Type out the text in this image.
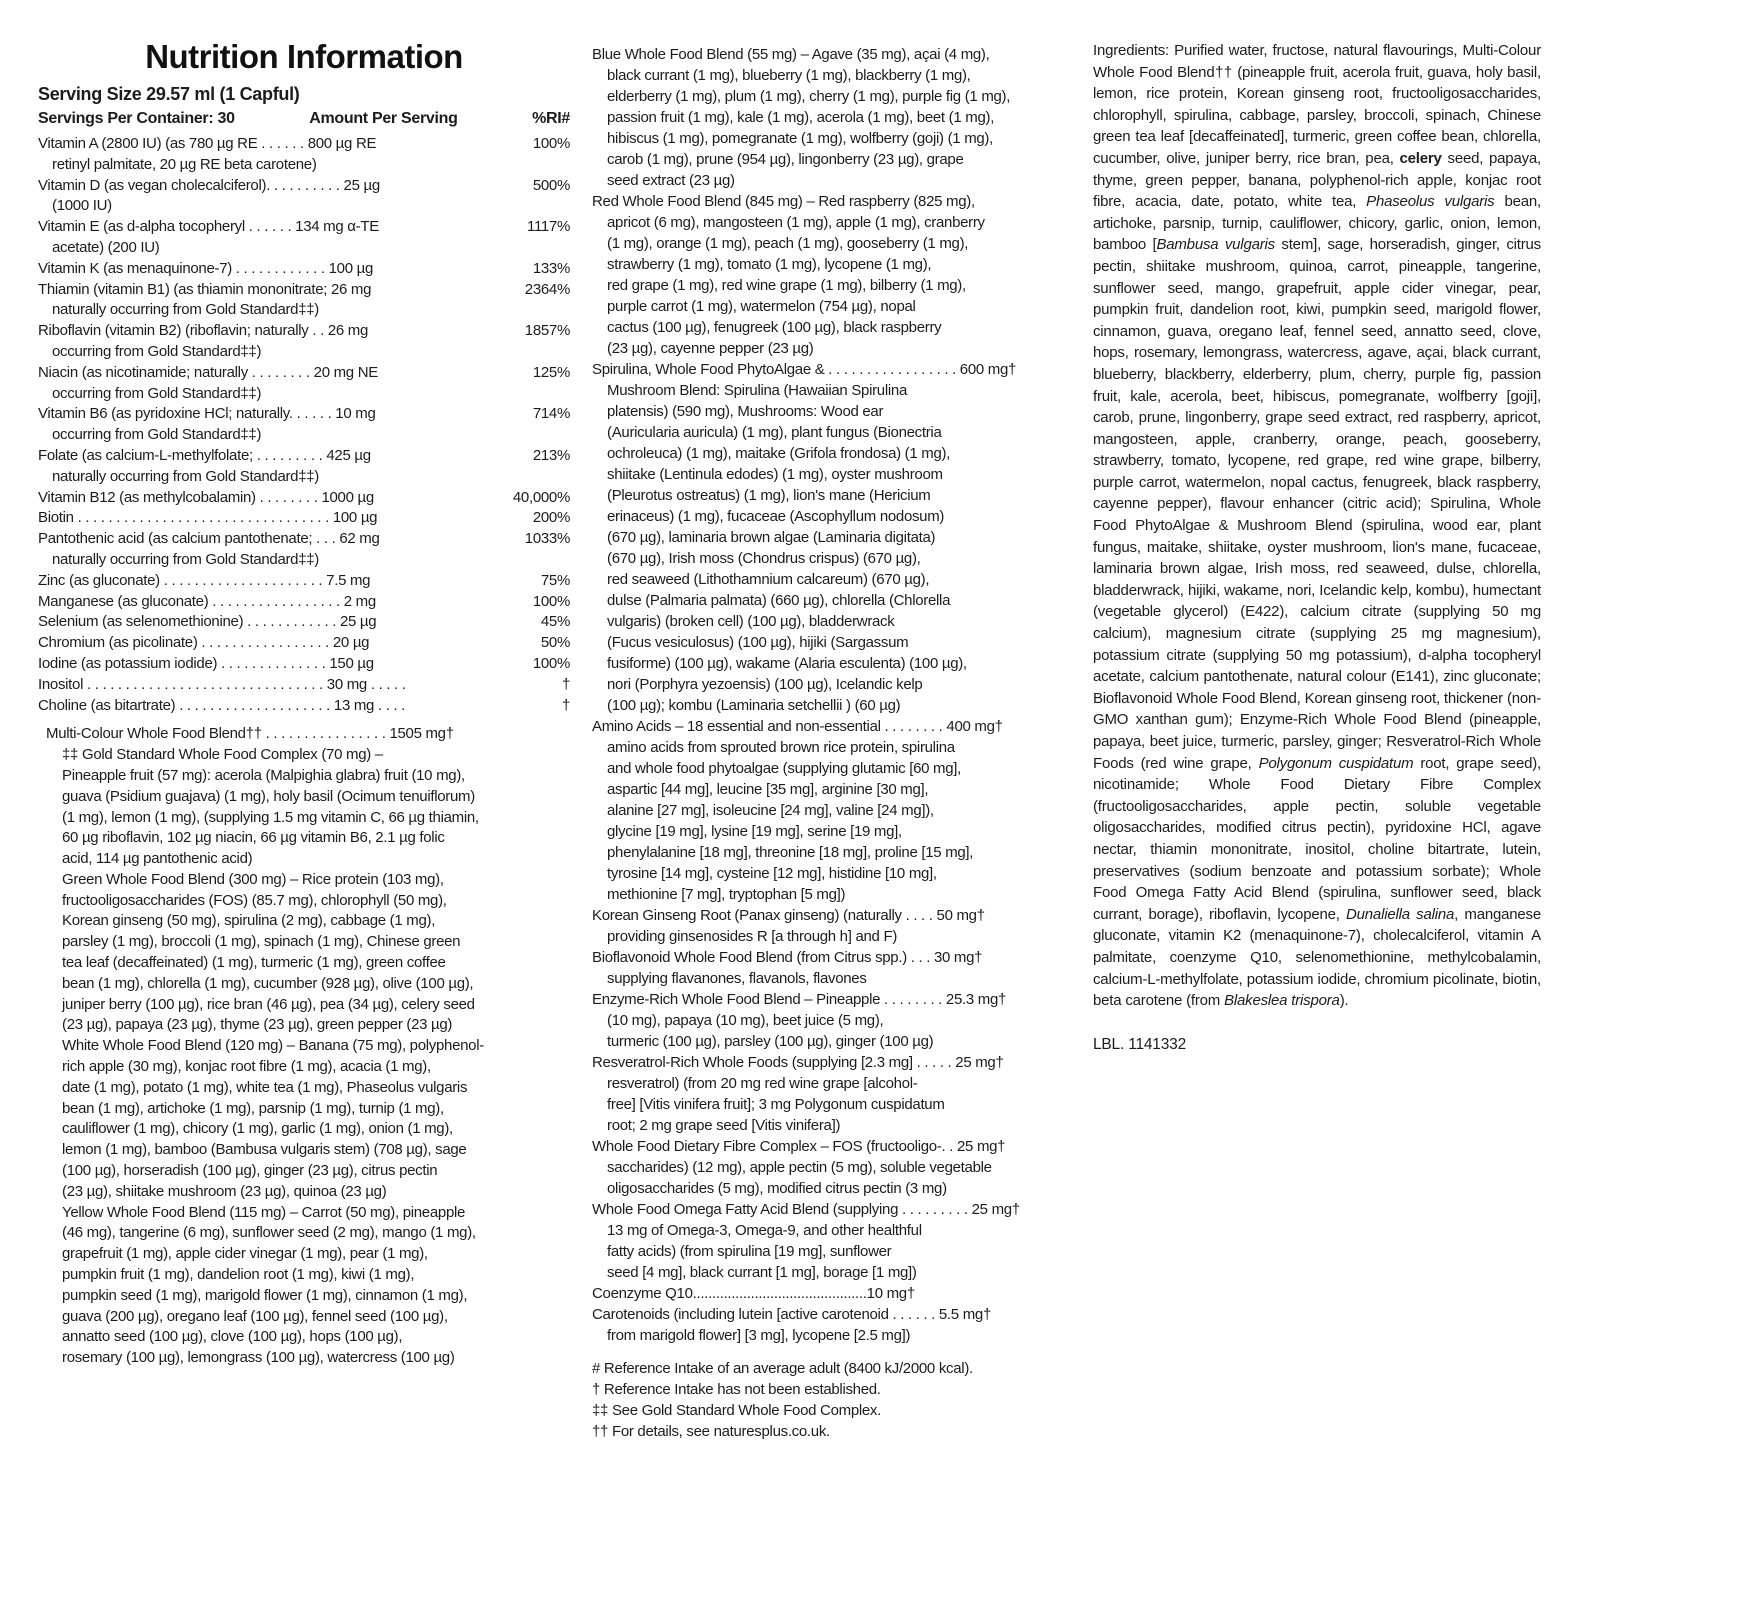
Nutrition Information
Serving Size 29.57 ml (1 Capful)
Servings Per Container: 30	Amount Per Serving	%RI#
Vitamin A (2800 IU) (as 780 µg RE . . . . . . 800 µg RE	100%
retinyl palmitate, 20 µg RE beta carotene)
Vitamin D (as vegan cholecalciferol). . . . . . . . . . 25 µg	500%
(1000 IU)
Vitamin E (as d-alpha tocopheryl . . . . . . 134 mg α-TE	1117%
acetate) (200 IU)
Vitamin K (as menaquinone-7) . . . . . . . . . . . . 100 µg	133%
Thiamin (vitamin B1) (as thiamin mononitrate; 26 mg	2364%
naturally occurring from Gold Standard‡‡)
Riboflavin (vitamin B2) (riboflavin; naturally . . 26 mg	1857%
occurring from Gold Standard‡‡)
Niacin (as nicotinamide; naturally . . . . . . . . 20 mg NE	125%
occurring from Gold Standard‡‡)
Vitamin B6 (as pyridoxine HCl; naturally. . . . . . 10 mg	714%
occurring from Gold Standard‡‡)
Folate (as calcium-L-methylfolate; . . . . . . . . . 425 µg	213%
naturally occurring from Gold Standard‡‡)
Vitamin B12 (as methylcobalamin) . . . . . . . . 1000 µg	40,000%
Biotin . . . . . . . . . . . . . . . . . . . . . . . . . . . . . . . . . 100 µg	200%
Pantothenic acid (as calcium pantothenate; . . . 62 mg	1033%
naturally occurring from Gold Standard‡‡)
Zinc (as gluconate) . . . . . . . . . . . . . . . . . . . . . 7.5 mg	75%
Manganese (as gluconate) . . . . . . . . . . . . . . . . . 2 mg	100%
Selenium (as selenomethionine) . . . . . . . . . . . . 25 µg	45%
Chromium (as picolinate) . . . . . . . . . . . . . . . . . 20 µg	50%
Iodine (as potassium iodide) . . . . . . . . . . . . . . 150 µg	100%
Inositol . . . . . . . . . . . . . . . . . . . . . . . . . . . . . . . 30 mg . . . . .	†
Choline (as bitartrate) . . . . . . . . . . . . . . . . . . . . 13 mg . . . .	†
Multi-Colour Whole Food Blend†† . . . . . . . . . . . . . . . . 1505 mg†
‡‡ Gold Standard Whole Food Complex (70 mg) –
Pineapple fruit (57 mg): acerola (Malpighia glabra) fruit (10 mg),
guava (Psidium guajava) (1 mg), holy basil (Ocimum tenuiflorum)
(1 mg), lemon (1 mg), (supplying 1.5 mg vitamin C, 66 µg thiamin,
60 µg riboflavin, 102 µg niacin, 66 µg vitamin B6, 2.1 µg folic
acid, 114 µg pantothenic acid)
Green Whole Food Blend (300 mg) – Rice protein (103 mg),
fructooligosaccharides (FOS) (85.7 mg), chlorophyll (50 mg),
Korean ginseng (50 mg), spirulina (2 mg), cabbage (1 mg),
parsley (1 mg), broccoli (1 mg), spinach (1 mg), Chinese green
tea leaf (decaffeinated) (1 mg), turmeric (1 mg), green coffee
bean (1 mg), chlorella (1 mg), cucumber (928 µg), olive (100 µg),
juniper berry (100 µg), rice bran (46 µg), pea (34 µg), celery seed
(23 µg), papaya (23 µg), thyme (23 µg), green pepper (23 µg)
White Whole Food Blend (120 mg) – Banana (75 mg), polyphenol-
rich apple (30 mg), konjac root fibre (1 mg), acacia (1 mg),
date (1 mg), potato (1 mg), white tea (1 mg), Phaseolus vulgaris
bean (1 mg), artichoke (1 mg), parsnip (1 mg), turnip (1 mg),
cauliflower (1 mg), chicory (1 mg), garlic (1 mg), onion (1 mg),
lemon (1 mg), bamboo (Bambusa vulgaris stem) (708 µg), sage
(100 µg), horseradish (100 µg), ginger (23 µg), citrus pectin
(23 µg), shiitake mushroom (23 µg), quinoa (23 µg)
Yellow Whole Food Blend (115 mg) – Carrot (50 mg), pineapple
(46 mg), tangerine (6 mg), sunflower seed (2 mg), mango (1 mg),
grapefruit (1 mg), apple cider vinegar (1 mg), pear (1 mg),
pumpkin fruit (1 mg), dandelion root (1 mg), kiwi (1 mg),
pumpkin seed (1 mg), marigold flower (1 mg), cinnamon (1 mg),
guava (200 µg), oregano leaf (100 µg), fennel seed (100 µg),
annatto seed (100 µg), clove (100 µg), hops (100 µg),
rosemary (100 µg), lemongrass (100 µg), watercress (100 µg)
Blue Whole Food Blend (55 mg) – Agave (35 mg), açai (4 mg),
black currant (1 mg), blueberry (1 mg), blackberry (1 mg),
elderberry (1 mg), plum (1 mg), cherry (1 mg), purple fig (1 mg),
passion fruit (1 mg), kale (1 mg), acerola (1 mg), beet (1 mg),
hibiscus (1 mg), pomegranate (1 mg), wolfberry (goji) (1 mg),
carob (1 mg), prune (954 µg), lingonberry (23 µg), grape
seed extract (23 µg)
Red Whole Food Blend (845 mg) – Red raspberry (825 mg),
apricot (6 mg), mangosteen (1 mg), apple (1 mg), cranberry
(1 mg), orange (1 mg), peach (1 mg), gooseberry (1 mg),
strawberry (1 mg), tomato (1 mg), lycopene (1 mg),
red grape (1 mg), red wine grape (1 mg), bilberry (1 mg),
purple carrot (1 mg), watermelon (754 µg), nopal
cactus (100 µg), fenugreek (100 µg), black raspberry
(23 µg), cayenne pepper (23 µg)
Spirulina, Whole Food PhytoAlgae & . . . . . . . . . . . . . . . . . 600 mg†
Mushroom Blend: Spirulina (Hawaiian Spirulina
platensis) (590 mg), Mushrooms: Wood ear
(Auricularia auricula) (1 mg), plant fungus (Bionectria
ochroleuca) (1 mg), maitake (Grifola frondosa) (1 mg),
shiitake (Lentinula edodes) (1 mg), oyster mushroom
(Pleurotus ostreatus) (1 mg), lion's mane (Hericium
erinaceus) (1 mg), fucaceae (Ascophyllum nodosum)
(670 µg), laminaria brown algae (Laminaria digitata)
(670 µg), Irish moss (Chondrus crispus) (670 µg),
red seaweed (Lithothamnium calcareum) (670 µg),
dulse (Palmaria palmata) (660 µg), chlorella (Chlorella
vulgaris) (broken cell) (100 µg), bladderwrack
(Fucus vesiculosus) (100 µg), hijiki (Sargassum
fusiforme) (100 µg), wakame (Alaria esculenta) (100 µg),
nori (Porphyra yezoensis) (100 µg), Icelandic kelp
(100 µg); kombu (Laminaria setchellii ) (60 µg)
Amino Acids – 18 essential and non-essential . . . . . . . . 400 mg†
amino acids from sprouted brown rice protein, spirulina
and whole food phytoalgae (supplying glutamic [60 mg],
aspartic [44 mg], leucine [35 mg], arginine [30 mg],
alanine [27 mg], isoleucine [24 mg], valine [24 mg]),
glycine [19 mg], lysine [19 mg], serine [19 mg],
phenylalanine [18 mg], threonine [18 mg], proline [15 mg],
tyrosine [14 mg], cysteine [12 mg], histidine [10 mg],
methionine [7 mg], tryptophan [5 mg])
Korean Ginseng Root (Panax ginseng) (naturally . . . . 50 mg†
providing ginsenosides R [a through h] and F)
Bioflavonoid Whole Food Blend (from Citrus spp.) . . . 30 mg†
supplying flavanones, flavanols, flavones
Enzyme-Rich Whole Food Blend – Pineapple . . . . . . . . 25.3 mg†
(10 mg), papaya (10 mg), beet juice (5 mg),
turmeric (100 µg), parsley (100 µg), ginger (100 µg)
Resveratrol-Rich Whole Foods (supplying [2.3 mg] . . . . . 25 mg†
resveratrol) (from 20 mg red wine grape [alcohol-
free] [Vitis vinifera fruit]; 3 mg Polygonum cuspidatum
root; 2 mg grape seed [Vitis vinifera])
Whole Food Dietary Fibre Complex – FOS (fructooligo-. . 25 mg†
saccharides) (12 mg), apple pectin (5 mg), soluble vegetable
oligosaccharides (5 mg), modified citrus pectin (3 mg)
Whole Food Omega Fatty Acid Blend (supplying . . . . . . . . . 25 mg†
13 mg of Omega-3, Omega-9, and other healthful
fatty acids) (from spirulina [19 mg], sunflower
seed [4 mg], black currant [1 mg], borage [1 mg])
Coenzyme Q10.............................................10 mg†
Carotenoids (including lutein [active carotenoid . . . . . . 5.5 mg†
from marigold flower] [3 mg], lycopene [2.5 mg])
# Reference Intake of an average adult (8400 kJ/2000 kcal).
† Reference Intake has not been established.
‡‡ See Gold Standard Whole Food Complex.
†† For details, see naturesplus.co.uk.

Ingredients: Purified water, fructose, natural flavourings, Multi-Colour Whole Food Blend†† (pineapple fruit, acerola fruit, guava, holy basil, lemon, rice protein, Korean ginseng root, fructooligosaccharides, chlorophyll, spirulina, cabbage, parsley, broccoli, spinach, Chinese green tea leaf [decaffeinated], turmeric, green coffee bean, chlorella, cucumber, olive, juniper berry, rice bran, pea, celery seed, papaya, thyme, green pepper, banana, polyphenol-rich apple, konjac root fibre, acacia, date, potato, white tea, Phaseolus vulgaris bean, artichoke, parsnip, turnip, cauliflower, chicory, garlic, onion, lemon, bamboo [Bambusa vulgaris stem], sage, horseradish, ginger, citrus pectin, shiitake mushroom, quinoa, carrot, pineapple, tangerine, sunflower seed, mango, grapefruit, apple cider vinegar, pear, pumpkin fruit, dandelion root, kiwi, pumpkin seed, marigold flower, cinnamon, guava, oregano leaf, fennel seed, annatto seed, clove, hops, rosemary, lemongrass, watercress, agave, açai, black currant, blueberry, blackberry, elderberry, plum, cherry, purple fig, passion fruit, kale, acerola, beet, hibiscus, pomegranate, wolfberry [goji], carob, prune, lingonberry, grape seed extract, red raspberry, apricot, mangosteen, apple, cranberry, orange, peach, gooseberry, strawberry, tomato, lycopene, red grape, red wine grape, bilberry, purple carrot, watermelon, nopal cactus, fenugreek, black raspberry, cayenne pepper), flavour enhancer (citric acid); Spirulina, Whole Food PhytoAlgae & Mushroom Blend (spirulina, wood ear, plant fungus, maitake, shiitake, oyster mushroom, lion's mane, fucaceae, laminaria brown algae, Irish moss, red seaweed, dulse, chlorella, bladderwrack, hijiki, wakame, nori, Icelandic kelp, kombu), humectant (vegetable glycerol) (E422), calcium citrate (supplying 50 mg calcium), magnesium citrate (supplying 25 mg magnesium), potassium citrate (supplying 50 mg potassium), d-alpha tocopheryl acetate, calcium pantothenate, natural colour (E141), zinc gluconate; Bioflavonoid Whole Food Blend, Korean ginseng root, thickener (non-GMO xanthan gum); Enzyme-Rich Whole Food Blend (pineapple, papaya, beet juice, turmeric, parsley, ginger; Resveratrol-Rich Whole Foods (red wine grape, Polygonum cuspidatum root, grape seed), nicotinamide; Whole Food Dietary Fibre Complex (fructooligosaccharides, apple pectin, soluble vegetable oligosaccharides, modified citrus pectin), pyridoxine HCl, agave nectar, thiamin mononitrate, inositol, choline bitartrate, lutein, preservatives (sodium benzoate and potassium sorbate); Whole Food Omega Fatty Acid Blend (spirulina, sunflower seed, black currant, borage), riboflavin, lycopene, Dunaliella salina, manganese gluconate, vitamin K2 (menaquinone-7), cholecalciferol, vitamin A palmitate, coenzyme Q10, selenomethionine, methylcobalamin, calcium-L-methylfolate, potassium iodide, chromium picolinate, biotin, beta carotene (from Blakeslea trispora).

LBL. 1141332
